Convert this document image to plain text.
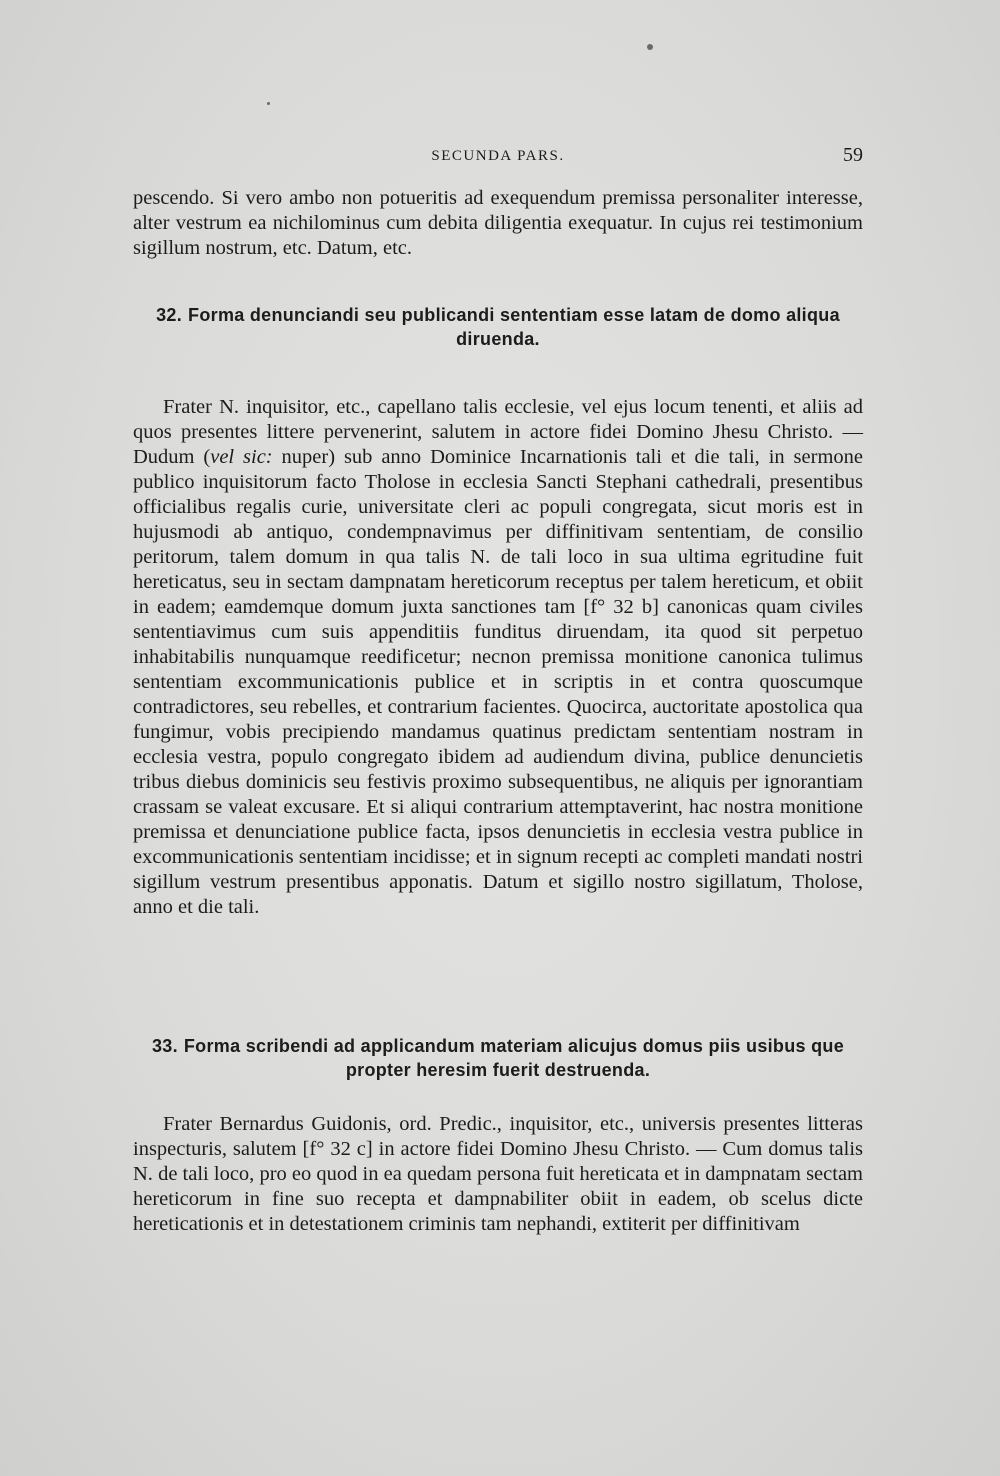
SECUNDA PARS.	59

pescendo. Si vero ambo non potueritis ad exequendum premissa personaliter interesse, alter vestrum ea nichilominus cum debita diligentia exequatur. In cujus rei testimonium sigillum nostrum, etc. Datum, etc.

32. Forma denunciandi seu publicandi sententiam esse latam de domo aliqua diruenda.

Frater N. inquisitor, etc., capellano talis ecclesie, vel ejus locum tenenti, et aliis ad quos presentes littere pervenerint, salutem in actore fidei Domino Jhesu Christo. — Dudum (vel sic: nuper) sub anno Dominice Incarnationis tali et die tali, in sermone publico inquisitorum facto Tholose in ecclesia Sancti Stephani cathedrali, presentibus officialibus regalis curie, universitate cleri ac populi congregata, sicut moris est in hujusmodi ab antiquo, condempnavimus per diffinitivam sententiam, de consilio peritorum, talem domum in qua talis N. de tali loco in sua ultima egritudine fuit hereticatus, seu in sectam dampnatam hereticorum receptus per talem hereticum, et obiit in eadem; eamdemque domum juxta sanctiones tam [f° 32 b] canonicas quam civiles sententiavimus cum suis appenditiis funditus diruendam, ita quod sit perpetuo inhabitabilis nunquamque reedificetur; necnon premissa monitione canonica tulimus sententiam excommunicationis publice et in scriptis in et contra quoscumque contradictores, seu rebelles, et contrarium facientes. Quocirca, auctoritate apostolica qua fungimur, vobis precipiendo mandamus quatinus predictam sententiam nostram in ecclesia vestra, populo congregato ibidem ad audiendum divina, publice denuncietis tribus diebus dominicis seu festivis proximo subsequentibus, ne aliquis per ignorantiam crassam se valeat excusare. Et si aliqui contrarium attemptaverint, hac nostra monitione premissa et denunciatione publice facta, ipsos denuncietis in ecclesia vestra publice in excommunicationis sententiam incidisse; et in signum recepti ac completi mandati nostri sigillum vestrum presentibus apponatis. Datum et sigillo nostro sigillatum, Tholose, anno et die tali.

33. Forma scribendi ad applicandum materiam alicujus domus piis usibus que propter heresim fuerit destruenda.

Frater Bernardus Guidonis, ord. Predic., inquisitor, etc., universis presentes litteras inspecturis, salutem [f° 32 c] in actore fidei Domino Jhesu Christo. — Cum domus talis N. de tali loco, pro eo quod in ea quedam persona fuit hereticata et in dampnatam sectam hereticorum in fine suo recepta et dampnabiliter obiit in eadem, ob scelus dicte hereticationis et in detestationem criminis tam nephandi, extiterit per diffinitivam
